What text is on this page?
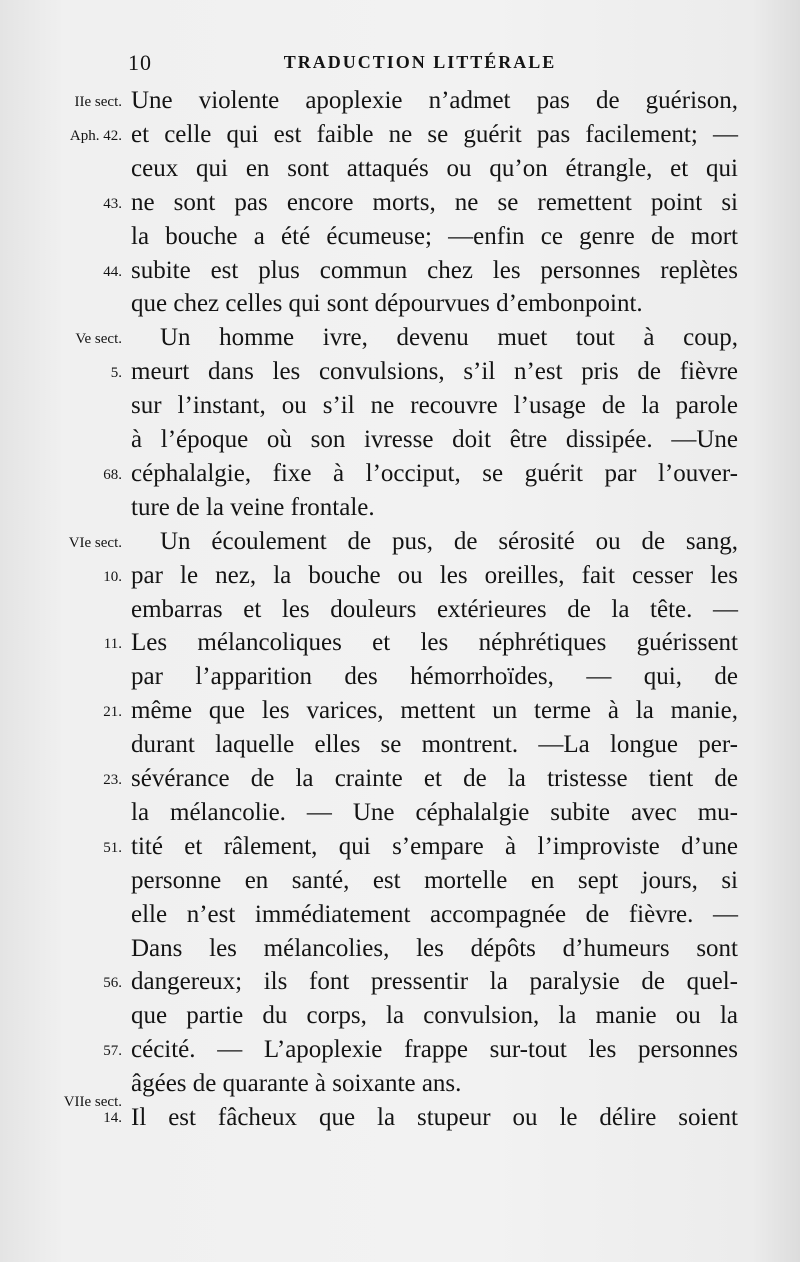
10	TRADUCTION LITTÉRALE
IIe sect. Une violente apoplexie n’admet pas de guérison,
Aph. 42. et celle qui est faible ne se guérit pas facilement; —
ceux qui en sont attaqués ou qu’on étrangle, et qui
43. ne sont pas encore morts, ne se remettent point si
la bouche a été écumeuse; —enfin ce genre de mort
44. subite est plus commun chez les personnes replètes
que chez celles qui sont dépourvues d’embonpoint.
Ve sect. Un homme ivre, devenu muet tout à coup,
5. meurt dans les convulsions, s’il n’est pris de fièvre
sur l’instant, ou s’il ne recouvre l’usage de la parole
à l’époque où son ivresse doit être dissipée. —Une
68. céphalalgie, fixe à l’occiput, se guérit par l’ouver-
ture de la veine frontale.
VIe sect. Un écoulement de pus, de sérosité ou de sang,
10. par le nez, la bouche ou les oreilles, fait cesser les
embarras et les douleurs extérieures de la tête. —
11. Les mélancoliques et les néphrétiques guérissent
par l’apparition des hémorrhoïdes, — qui, de
21. même que les varices, mettent un terme à la manie,
durant laquelle elles se montrent. —La longue per-
23. sévérance de la crainte et de la tristesse tient de
la mélancolie. — Une céphalalgie subite avec mu-
51. tité et râlement, qui s’empare à l’improviste d’une
personne en santé, est mortelle en sept jours, si
elle n’est immédiatement accompagnée de fièvre. —
Dans les mélancolies, les dépôts d’humeurs sont
56. dangereux; ils font pressentir la paralysie de quel-
que partie du corps, la convulsion, la manie ou la
57. cécité. — L’apoplexie frappe sur-tout les personnes
âgées de quarante à soixante ans.
Il est fâcheux que la stupeur ou le délire soient
VIIe sect.
14.
